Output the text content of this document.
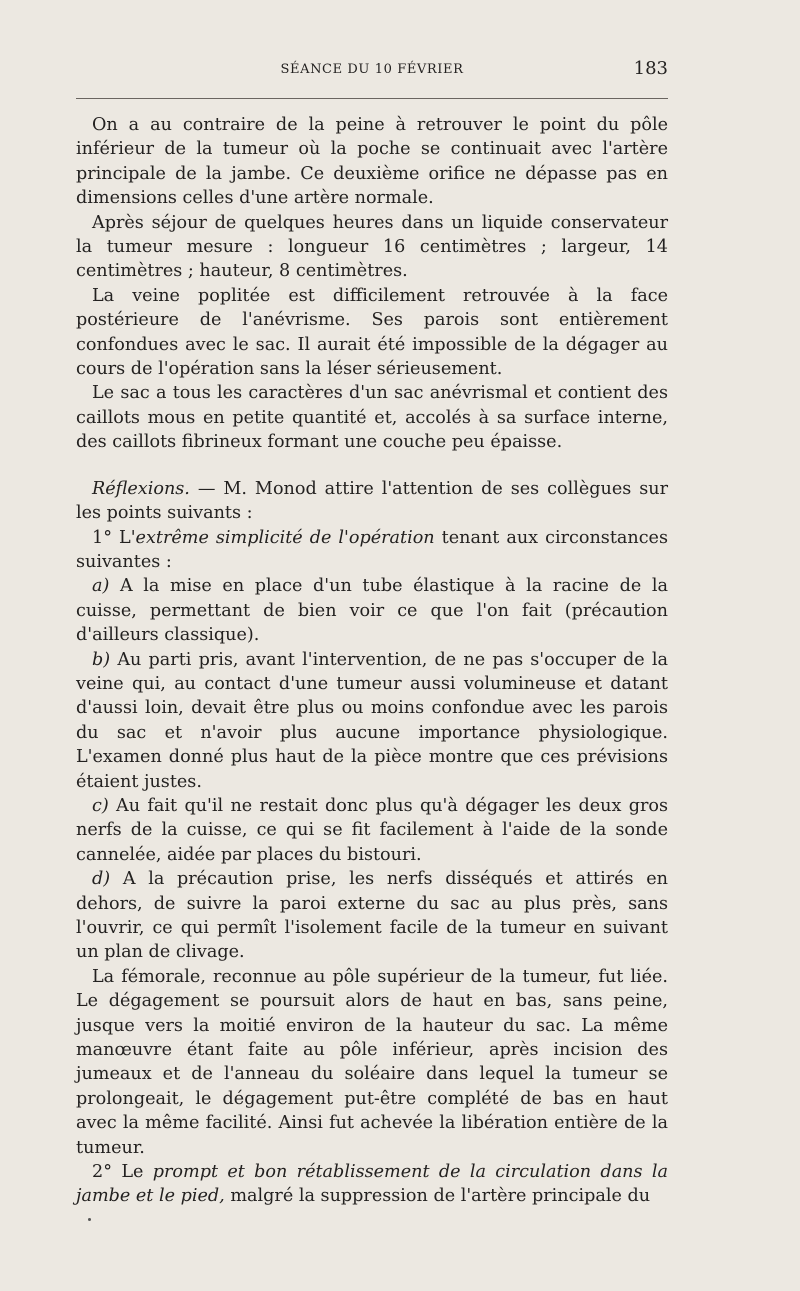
SÉANCE DU 10 FÉVRIER	183

On a au contraire de la peine à retrouver le point du pôle inférieur de la tumeur où la poche se continuait avec l'artère principale de la jambe. Ce deuxième orifice ne dépasse pas en dimensions celles d'une artère normale.

Après séjour de quelques heures dans un liquide conservateur la tumeur mesure : longueur 16 centimètres ; largeur, 14 centimètres ; hauteur, 8 centimètres.

La veine poplitée est difficilement retrouvée à la face postérieure de l'anévrisme. Ses parois sont entièrement confondues avec le sac. Il aurait été impossible de la dégager au cours de l'opération sans la léser sérieusement.

Le sac a tous les caractères d'un sac anévrismal et contient des caillots mous en petite quantité et, accolés à sa surface interne, des caillots fibrineux formant une couche peu épaisse.

Réflexions. — M. Monod attire l'attention de ses collègues sur les points suivants :

1° L'extrême simplicité de l'opération tenant aux circonstances suivantes :

a) A la mise en place d'un tube élastique à la racine de la cuisse, permettant de bien voir ce que l'on fait (précaution d'ailleurs classique).

b) Au parti pris, avant l'intervention, de ne pas s'occuper de la veine qui, au contact d'une tumeur aussi volumineuse et datant d'aussi loin, devait être plus ou moins confondue avec les parois du sac et n'avoir plus aucune importance physiologique. L'examen donné plus haut de la pièce montre que ces prévisions étaient justes.

c) Au fait qu'il ne restait donc plus qu'à dégager les deux gros nerfs de la cuisse, ce qui se fit facilement à l'aide de la sonde cannelée, aidée par places du bistouri.

d) A la précaution prise, les nerfs disséqués et attirés en dehors, de suivre la paroi externe du sac au plus près, sans l'ouvrir, ce qui permît l'isolement facile de la tumeur en suivant un plan de clivage.

La fémorale, reconnue au pôle supérieur de la tumeur, fut liée. Le dégagement se poursuit alors de haut en bas, sans peine, jusque vers la moitié environ de la hauteur du sac. La même manœuvre étant faite au pôle inférieur, après incision des jumeaux et de l'anneau du soléaire dans lequel la tumeur se prolongeait, le dégagement put-être complété de bas en haut avec la même facilité. Ainsi fut achevée la libération entière de la tumeur.

2° Le prompt et bon rétablissement de la circulation dans la jambe et le pied, malgré la suppression de l'artère principale du
